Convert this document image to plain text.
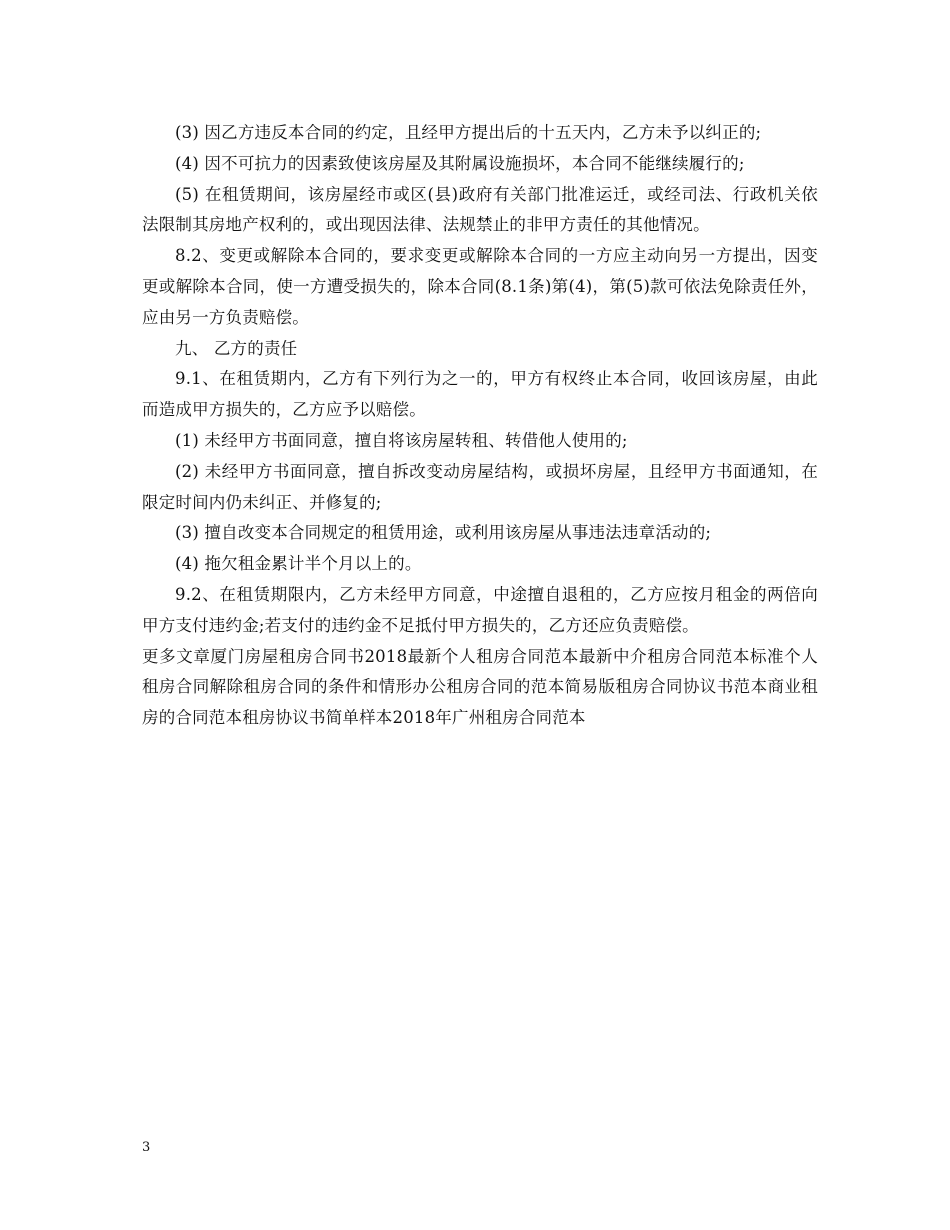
(3) 因乙方违反本合同的约定，且经甲方提出后的十五天内，乙方未予以纠正的;

(4) 因不可抗力的因素致使该房屋及其附属设施损坏，本合同不能继续履行的;

(5) 在租赁期间，该房屋经市或区(县)政府有关部门批准运迁，或经司法、行政机关依法限制其房地产权利的，或出现因法律、法规禁止的非甲方责任的其他情况。

8.2、变更或解除本合同的，要求变更或解除本合同的一方应主动向另一方提出，因变更或解除本合同，使一方遭受损失的，除本合同(8.1条)第(4)，第(5)款可依法免除责任外，应由另一方负责赔偿。

九、 乙方的责任

9.1、在租赁期内，乙方有下列行为之一的，甲方有权终止本合同，收回该房屋，由此而造成甲方损失的，乙方应予以赔偿。

(1) 未经甲方书面同意，擅自将该房屋转租、转借他人使用的;

(2) 未经甲方书面同意，擅自拆改变动房屋结构，或损坏房屋，且经甲方书面通知，在限定时间内仍未纠正、并修复的;

(3) 擅自改变本合同规定的租赁用途，或利用该房屋从事违法违章活动的;

(4) 拖欠租金累计半个月以上的。

9.2、在租赁期限内，乙方未经甲方同意，中途擅自退租的，乙方应按月租金的两倍向甲方支付违约金;若支付的违约金不足抵付甲方损失的，乙方还应负责赔偿。

更多文章厦门房屋租房合同书2018最新个人租房合同范本最新中介租房合同范本标准个人租房合同解除租房合同的条件和情形办公租房合同的范本简易版租房合同协议书范本商业租房的合同范本租房协议书简单样本2018年广州租房合同范本

3
